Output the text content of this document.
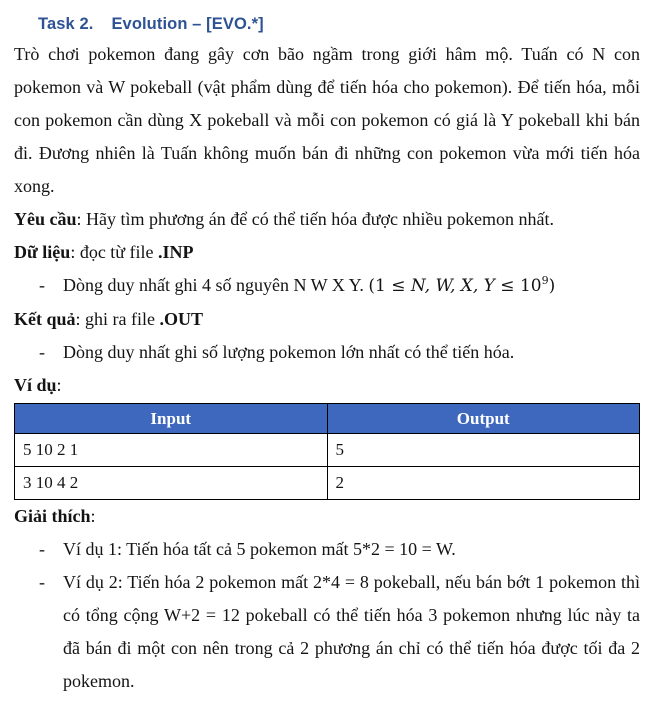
Task 2. Evolution – [EVO.*]

Trò chơi pokemon đang gây cơn bão ngầm trong giới hâm mộ. Tuấn có N con pokemon và W pokeball (vật phẩm dùng để tiến hóa cho pokemon). Để tiến hóa, mỗi con pokemon cần dùng X pokeball và mỗi con pokemon có giá là Y pokeball khi bán đi. Đương nhiên là Tuấn không muốn bán đi những con pokemon vừa mới tiến hóa xong.

Yêu cầu: Hãy tìm phương án để có thể tiến hóa được nhiều pokemon nhất.

Dữ liệu: đọc từ file .INP

- Dòng duy nhất ghi 4 số nguyên N W X Y. (1 ≤ N, W, X, $Y \le 10^9$)

Kết quả: ghi ra file .OUT

- Dòng duy nhất ghi số lượng pokemon lớn nhất có thể tiến hóa.

Ví dụ:

Input	Output
5 10 2 1	5
3 10 4 2	2

Giải thích:

- Ví dụ 1: Tiến hóa tất cả 5 pokemon mất 5*2 = 10 = W.
- Ví dụ 2: Tiến hóa 2 pokemon mất 2*4 = 8 pokeball, nếu bán bớt 1 pokemon thì có tổng cộng W+2 = 12 pokeball có thể tiến hóa 3 pokemon nhưng lúc này ta đã bán đi một con nên trong cả 2 phương án chỉ có thể tiến hóa được tối đa 2 pokemon.
